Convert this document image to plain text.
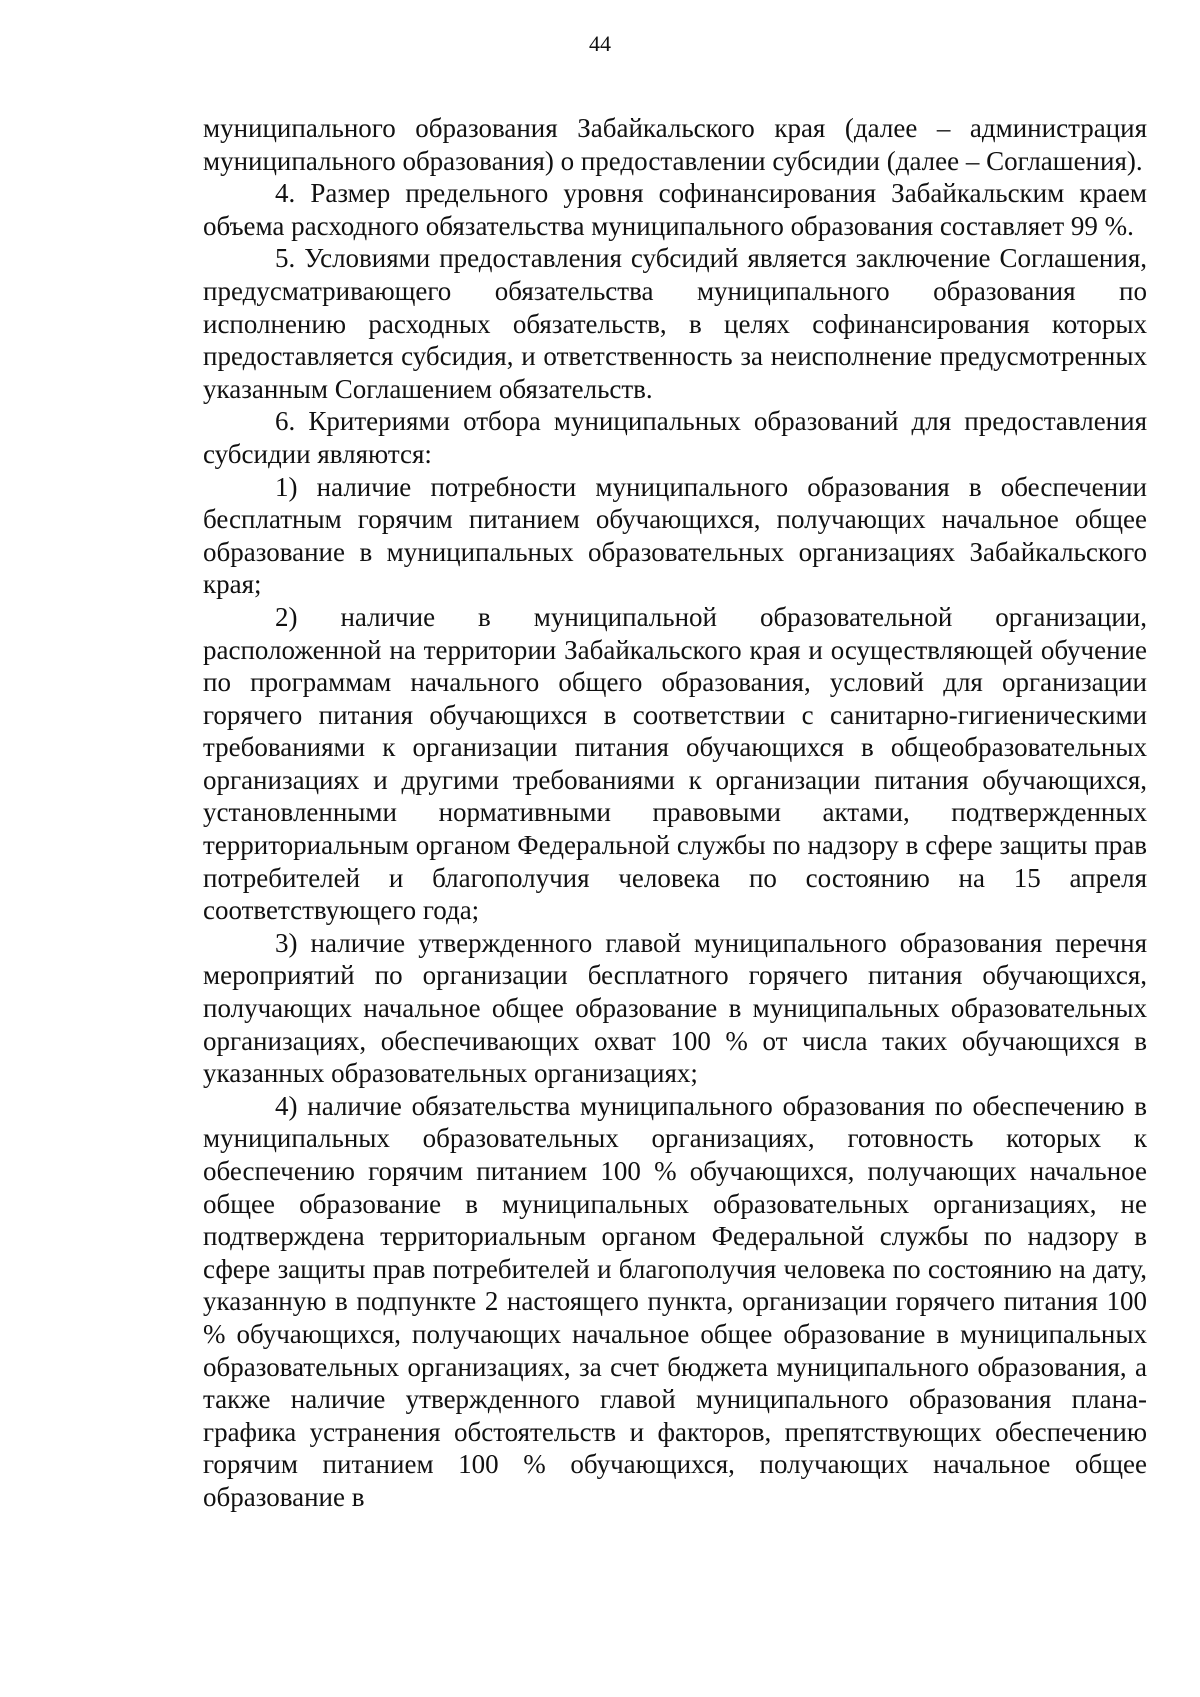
44

муниципального образования Забайкальского края (далее – администрация муниципального образования) о предоставлении субсидии (далее – Соглашения).

4. Размер предельного уровня софинансирования Забайкальским краем объема расходного обязательства муниципального образования составляет 99 %.

5. Условиями предоставления субсидий является заключение Соглашения, предусматривающего обязательства муниципального образования по исполнению расходных обязательств, в целях софинансирования которых предоставляется субсидия, и ответственность за неисполнение предусмотренных указанным Соглашением обязательств.

6. Критериями отбора муниципальных образований для предоставления субсидии являются:

1) наличие потребности муниципального образования в обеспечении бесплатным горячим питанием обучающихся, получающих начальное общее образование в муниципальных образовательных организациях Забайкальского края;

2) наличие в муниципальной образовательной организации, расположенной на территории Забайкальского края и осуществляющей обучение по программам начального общего образования, условий для организации горячего питания обучающихся в соответствии с санитарно-гигиеническими требованиями к организации питания обучающихся в общеобразовательных организациях и другими требованиями к организации питания обучающихся, установленными нормативными правовыми актами, подтвержденных территориальным органом Федеральной службы по надзору в сфере защиты прав потребителей и благополучия человека по состоянию на 15 апреля соответствующего года;

3) наличие утвержденного главой муниципального образования перечня мероприятий по организации бесплатного горячего питания обучающихся, получающих начальное общее образование в муниципальных образовательных организациях, обеспечивающих охват 100 % от числа таких обучающихся в указанных образовательных организациях;

4) наличие обязательства муниципального образования по обеспечению в муниципальных образовательных организациях, готовность которых к обеспечению горячим питанием 100 % обучающихся, получающих начальное общее образование в муниципальных образовательных организациях, не подтверждена территориальным органом Федеральной службы по надзору в сфере защиты прав потребителей и благополучия человека по состоянию на дату, указанную в подпункте 2 настоящего пункта, организации горячего питания 100 % обучающихся, получающих начальное общее образование в муниципальных образовательных организациях, за счет бюджета муниципального образования, а также наличие утвержденного главой муниципального образования плана-графика устранения обстоятельств и факторов, препятствующих обеспечению горячим питанием 100 % обучающихся, получающих начальное общее образование в
